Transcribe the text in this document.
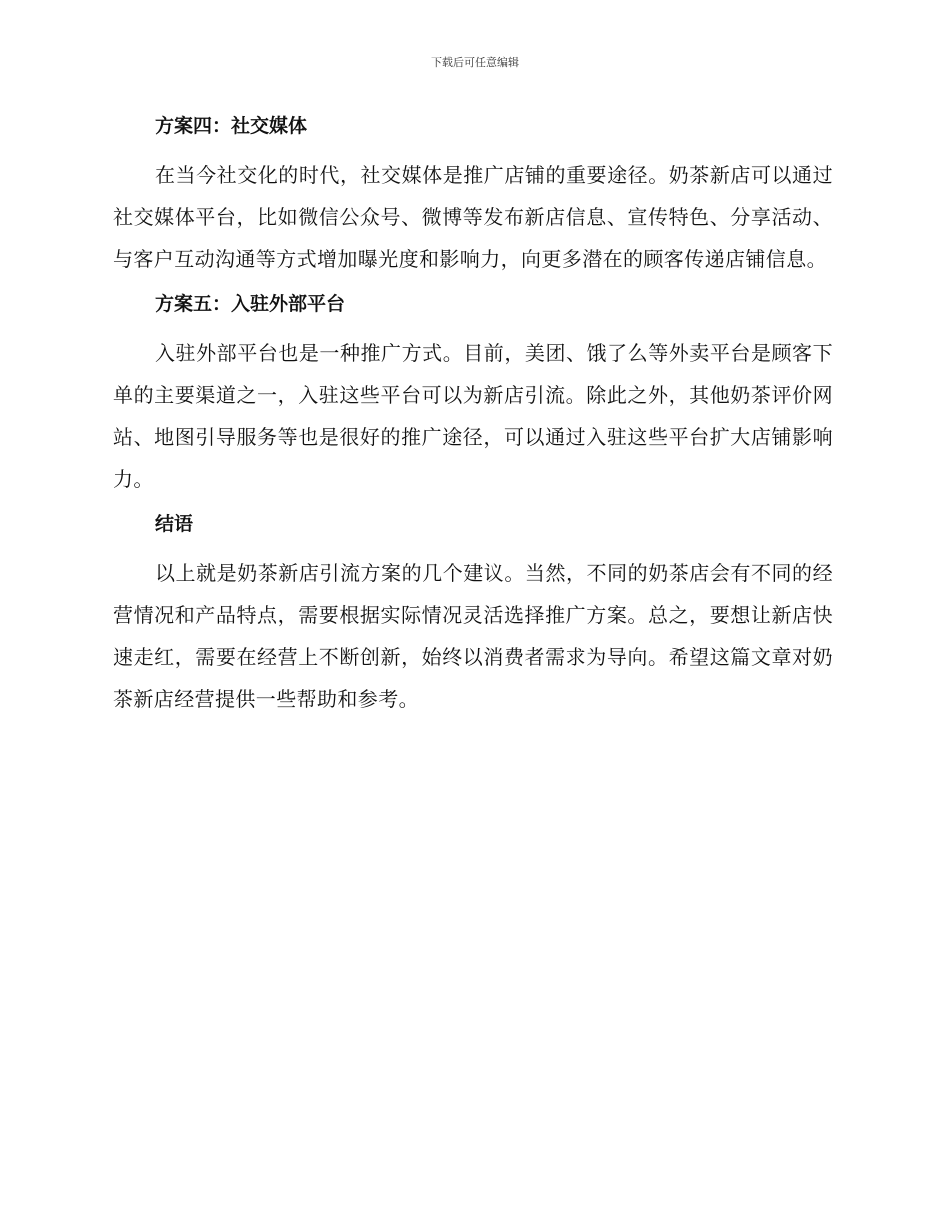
下载后可任意编辑
方案四：社交媒体

在当今社交化的时代，社交媒体是推广店铺的重要途径。奶茶新店可以通过社交媒体平台，比如微信公众号、微博等发布新店信息、宣传特色、分享活动、与客户互动沟通等方式增加曝光度和影响力，向更多潜在的顾客传递店铺信息。

方案五：入驻外部平台

入驻外部平台也是一种推广方式。目前，美团、饿了么等外卖平台是顾客下单的主要渠道之一，入驻这些平台可以为新店引流。除此之外，其他奶茶评价网站、地图引导服务等也是很好的推广途径，可以通过入驻这些平台扩大店铺影响力。

结语

以上就是奶茶新店引流方案的几个建议。当然，不同的奶茶店会有不同的经营情况和产品特点，需要根据实际情况灵活选择推广方案。总之，要想让新店快速走红，需要在经营上不断创新，始终以消费者需求为导向。希望这篇文章对奶茶新店经营提供一些帮助和参考。
